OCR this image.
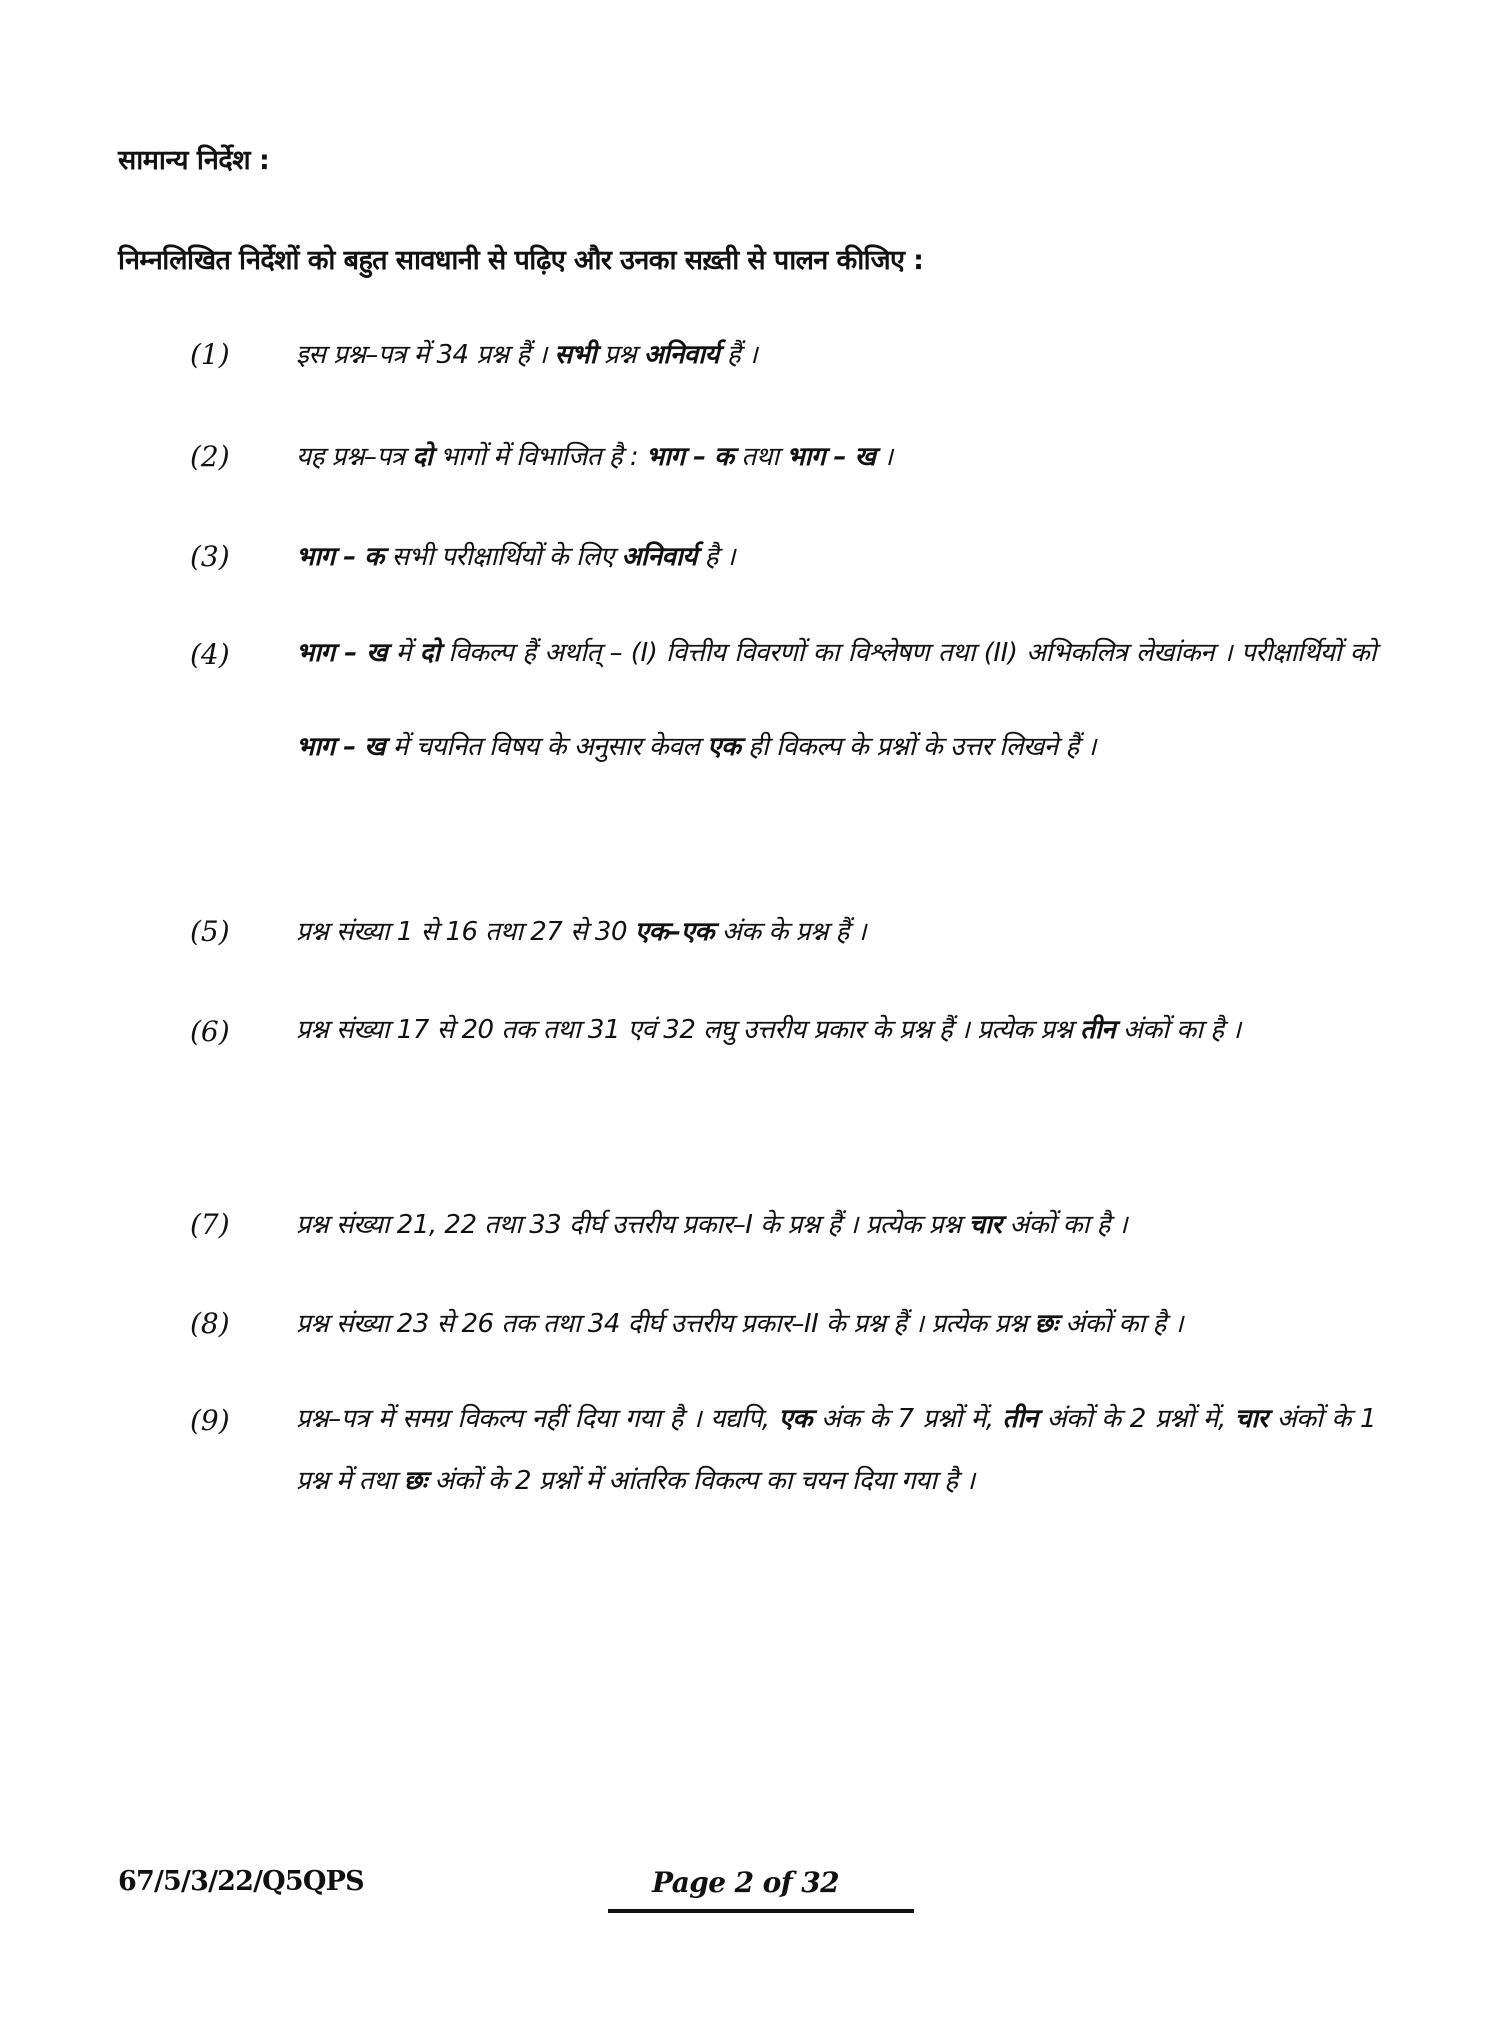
सामान्य निर्देश :
निम्नलिखित निर्देशों को बहुत सावधानी से पढ़िए और उनका सख़्ती से पालन कीजिए :
(1)	इस प्रश्न–पत्र में 34 प्रश्न हैं । सभी प्रश्न अनिवार्य हैं ।
(2)	यह प्रश्न–पत्र दो भागों में विभाजित है : भाग – क तथा भाग – ख ।
(3)	भाग – क सभी परीक्षार्थियों के लिए अनिवार्य है ।
(4)	भाग – ख में दो विकल्प हैं अर्थात् – (I) वित्तीय विवरणों का विश्लेषण तथा (II) अभिकलित्र लेखांकन । परीक्षार्थियों को भाग – ख में चयनित विषय के अनुसार केवल एक ही विकल्प के प्रश्नों के उत्तर लिखने हैं ।
(5)	प्रश्न संख्या 1 से 16 तथा 27 से 30 एक–एक अंक के प्रश्न हैं ।
(6)	प्रश्न संख्या 17 से 20 तक तथा 31 एवं 32 लघु उत्तरीय प्रकार के प्रश्न हैं । प्रत्येक प्रश्न तीन अंकों का है ।
(7)	प्रश्न संख्या 21, 22 तथा 33 दीर्घ उत्तरीय प्रकार–I के प्रश्न हैं । प्रत्येक प्रश्न चार अंकों का है ।
(8)	प्रश्न संख्या 23 से 26 तक तथा 34 दीर्घ उत्तरीय प्रकार–II के प्रश्न हैं । प्रत्येक प्रश्न छः अंकों का है ।
(9)	प्रश्न–पत्र में समग्र विकल्प नहीं दिया गया है । यद्यपि, एक अंक के 7 प्रश्नों में, तीन अंकों के 2 प्रश्नों में, चार अंकों के 1 प्रश्न में तथा छः अंकों के 2 प्रश्नों में आंतरिक विकल्प का चयन दिया गया है ।
67/5/3/22/Q5QPS	Page 2 of 32
